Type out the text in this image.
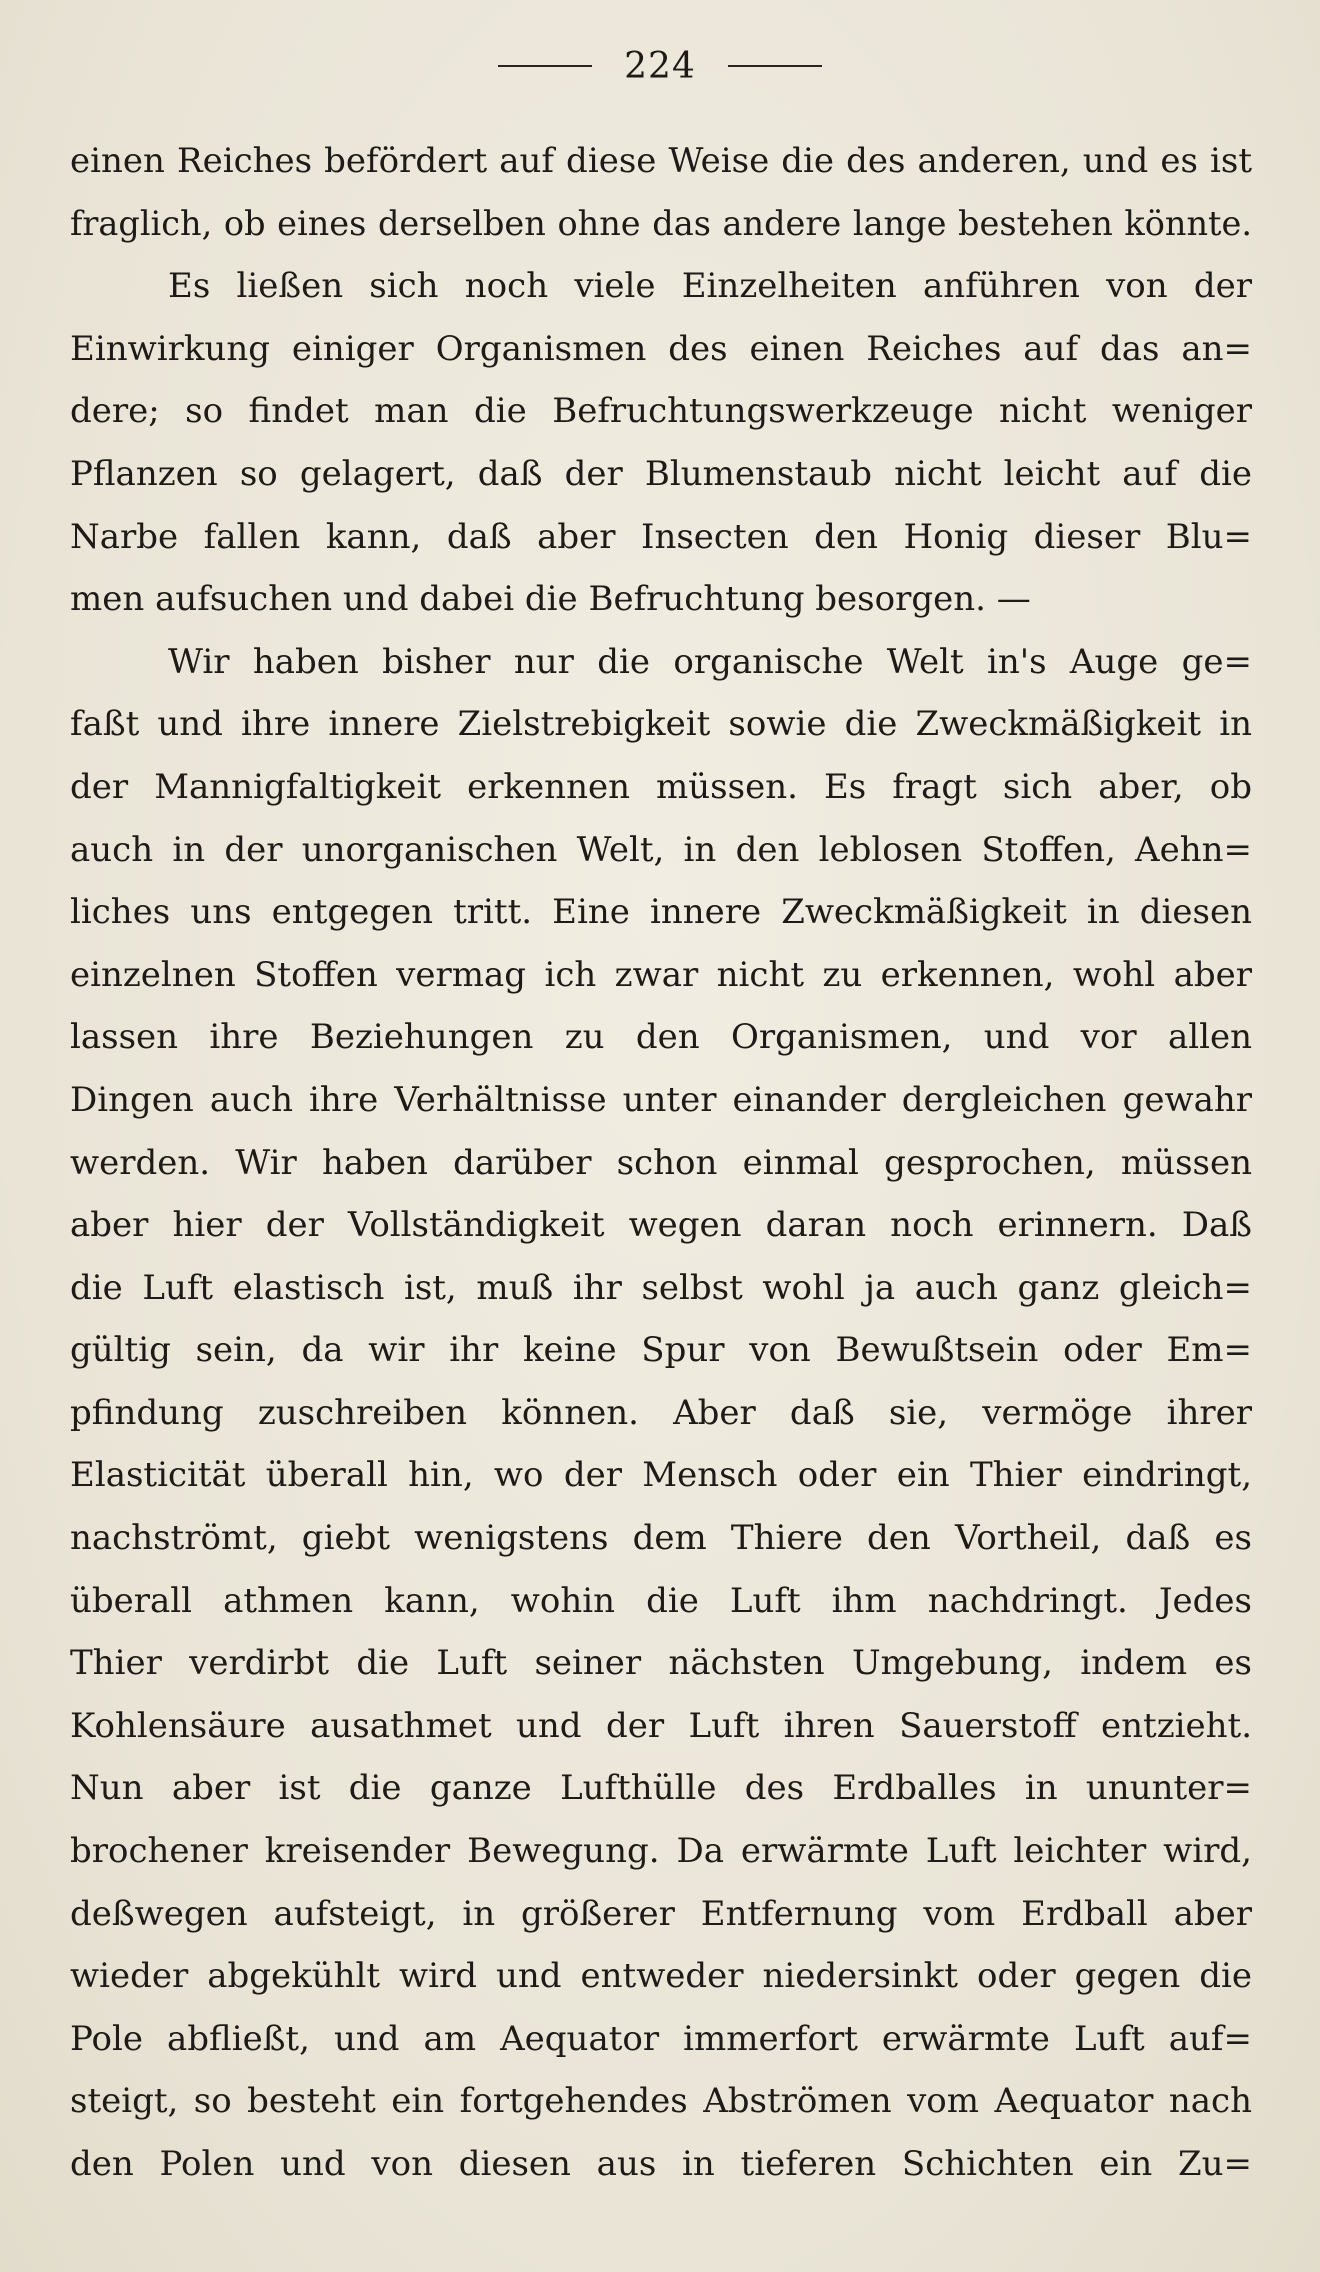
224
einen Reiches befördert auf diese Weise die des anderen, und es ist
fraglich, ob eines derselben ohne das andere lange bestehen könnte.
Es ließen sich noch viele Einzelheiten anführen von der
Einwirkung einiger Organismen des einen Reiches auf das an=
dere; so findet man die Befruchtungswerkzeuge nicht weniger
Pflanzen so gelagert, daß der Blumenstaub nicht leicht auf die
Narbe fallen kann, daß aber Insecten den Honig dieser Blu=
men aufsuchen und dabei die Befruchtung besorgen. —
Wir haben bisher nur die organische Welt in's Auge ge=
faßt und ihre innere Zielstrebigkeit sowie die Zweckmäßigkeit in
der Mannigfaltigkeit erkennen müssen. Es fragt sich aber, ob
auch in der unorganischen Welt, in den leblosen Stoffen, Aehn=
liches uns entgegen tritt. Eine innere Zweckmäßigkeit in diesen
einzelnen Stoffen vermag ich zwar nicht zu erkennen, wohl aber
lassen ihre Beziehungen zu den Organismen, und vor allen
Dingen auch ihre Verhältnisse unter einander dergleichen gewahr
werden. Wir haben darüber schon einmal gesprochen, müssen
aber hier der Vollständigkeit wegen daran noch erinnern. Daß
die Luft elastisch ist, muß ihr selbst wohl ja auch ganz gleich=
gültig sein, da wir ihr keine Spur von Bewußtsein oder Em=
pfindung zuschreiben können. Aber daß sie, vermöge ihrer
Elasticität überall hin, wo der Mensch oder ein Thier eindringt,
nachströmt, giebt wenigstens dem Thiere den Vortheil, daß es
überall athmen kann, wohin die Luft ihm nachdringt. Jedes
Thier verdirbt die Luft seiner nächsten Umgebung, indem es
Kohlensäure ausathmet und der Luft ihren Sauerstoff entzieht.
Nun aber ist die ganze Lufthülle des Erdballes in ununter=
brochener kreisender Bewegung. Da erwärmte Luft leichter wird,
deßwegen aufsteigt, in größerer Entfernung vom Erdball aber
wieder abgekühlt wird und entweder niedersinkt oder gegen die
Pole abfließt, und am Aequator immerfort erwärmte Luft auf=
steigt, so besteht ein fortgehendes Abströmen vom Aequator nach
den Polen und von diesen aus in tieferen Schichten ein Zu=
